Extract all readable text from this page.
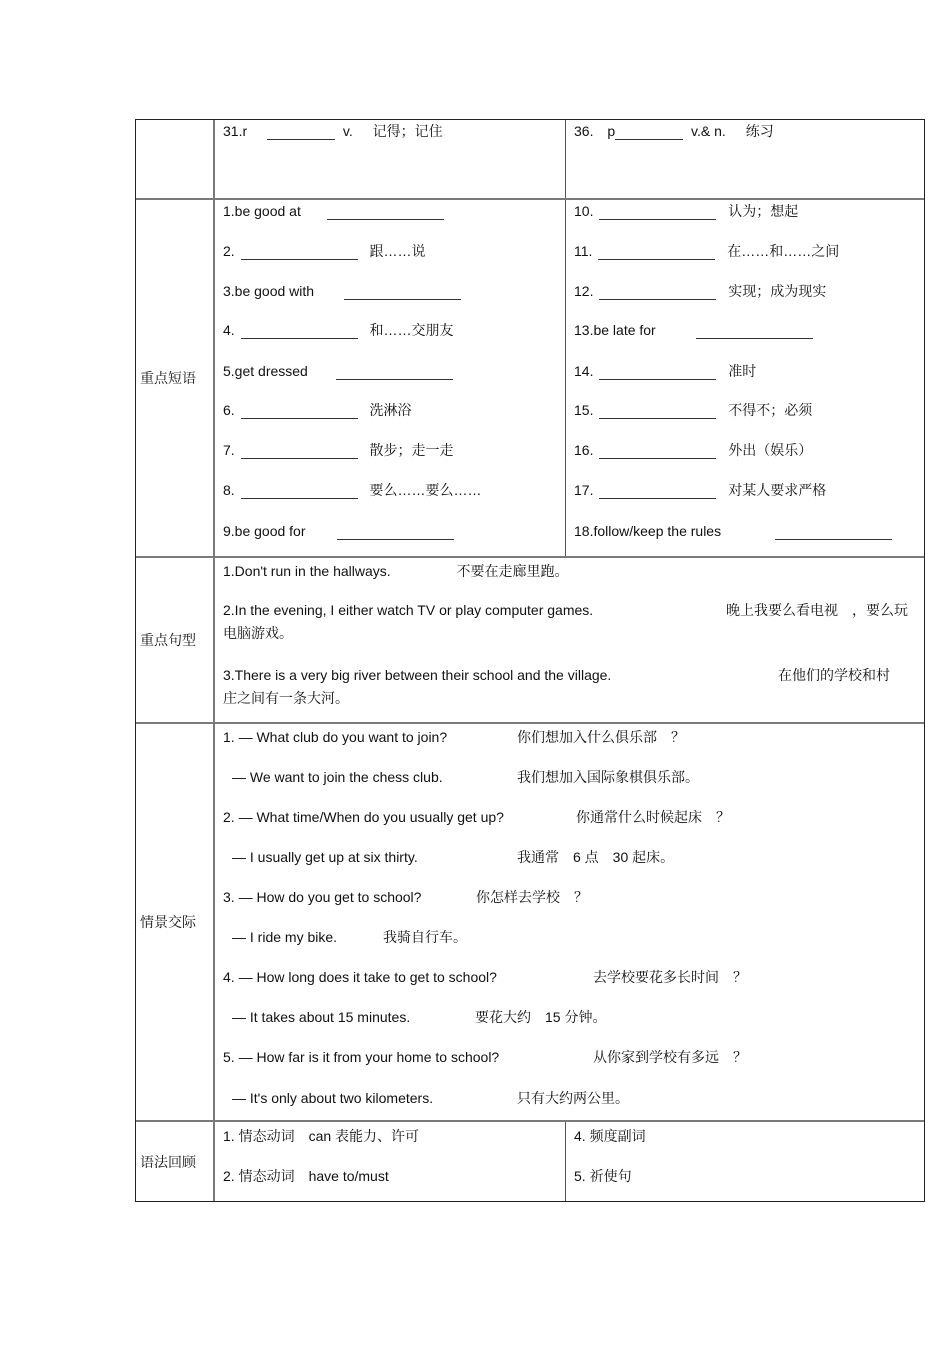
31.r	v. 记得；记住	36. p	v.& n. 练习
重点短语
1.be good at
2.	跟……说
3.be good with
4.	和……交朋友
5.get dressed
6.	洗淋浴
7.	散步；走一走
8.	要么……要么……
9.be good for
10.	认为；想起
11.	在……和……之间
12.	实现；成为现实
13.be late for
14.	准时
15.	不得不；必须
16.	外出（娱乐）
17.	对某人要求严格
18.follow/keep the rules
重点句型
1.Don't run in the hallways.	不要在走廊里跑。
2.In the evening, I either watch TV or play computer games.	晚上我要么看电视　，要么玩
电脑游戏。
3.There is a very big river between their school and the village.	在他们的学校和村
庄之间有一条大河。
情景交际
1. — What club do you want to join?	你们想加入什么俱乐部　？
— We want to join the chess club.	我们想加入国际象棋俱乐部。
2. — What time/When do you usually get up?	你通常什么时候起床　？
— I usually get up at six thirty.	我通常　6 点　30 起床。
3. — How do you get to school?	你怎样去学校　？
— I ride my bike.	我骑自行车。
4. — How long does it take to get to school?	去学校要花多长时间　？
— It takes about 15 minutes.	要花大约　15 分钟。
5. — How far is it from your home to school?	从你家到学校有多远　？
— It's only about two kilometers.	只有大约两公里。
语法回顾
1. 情态动词　can 表能力、许可
2. 情态动词　have to/must
4. 频度副词
5. 祈使句
